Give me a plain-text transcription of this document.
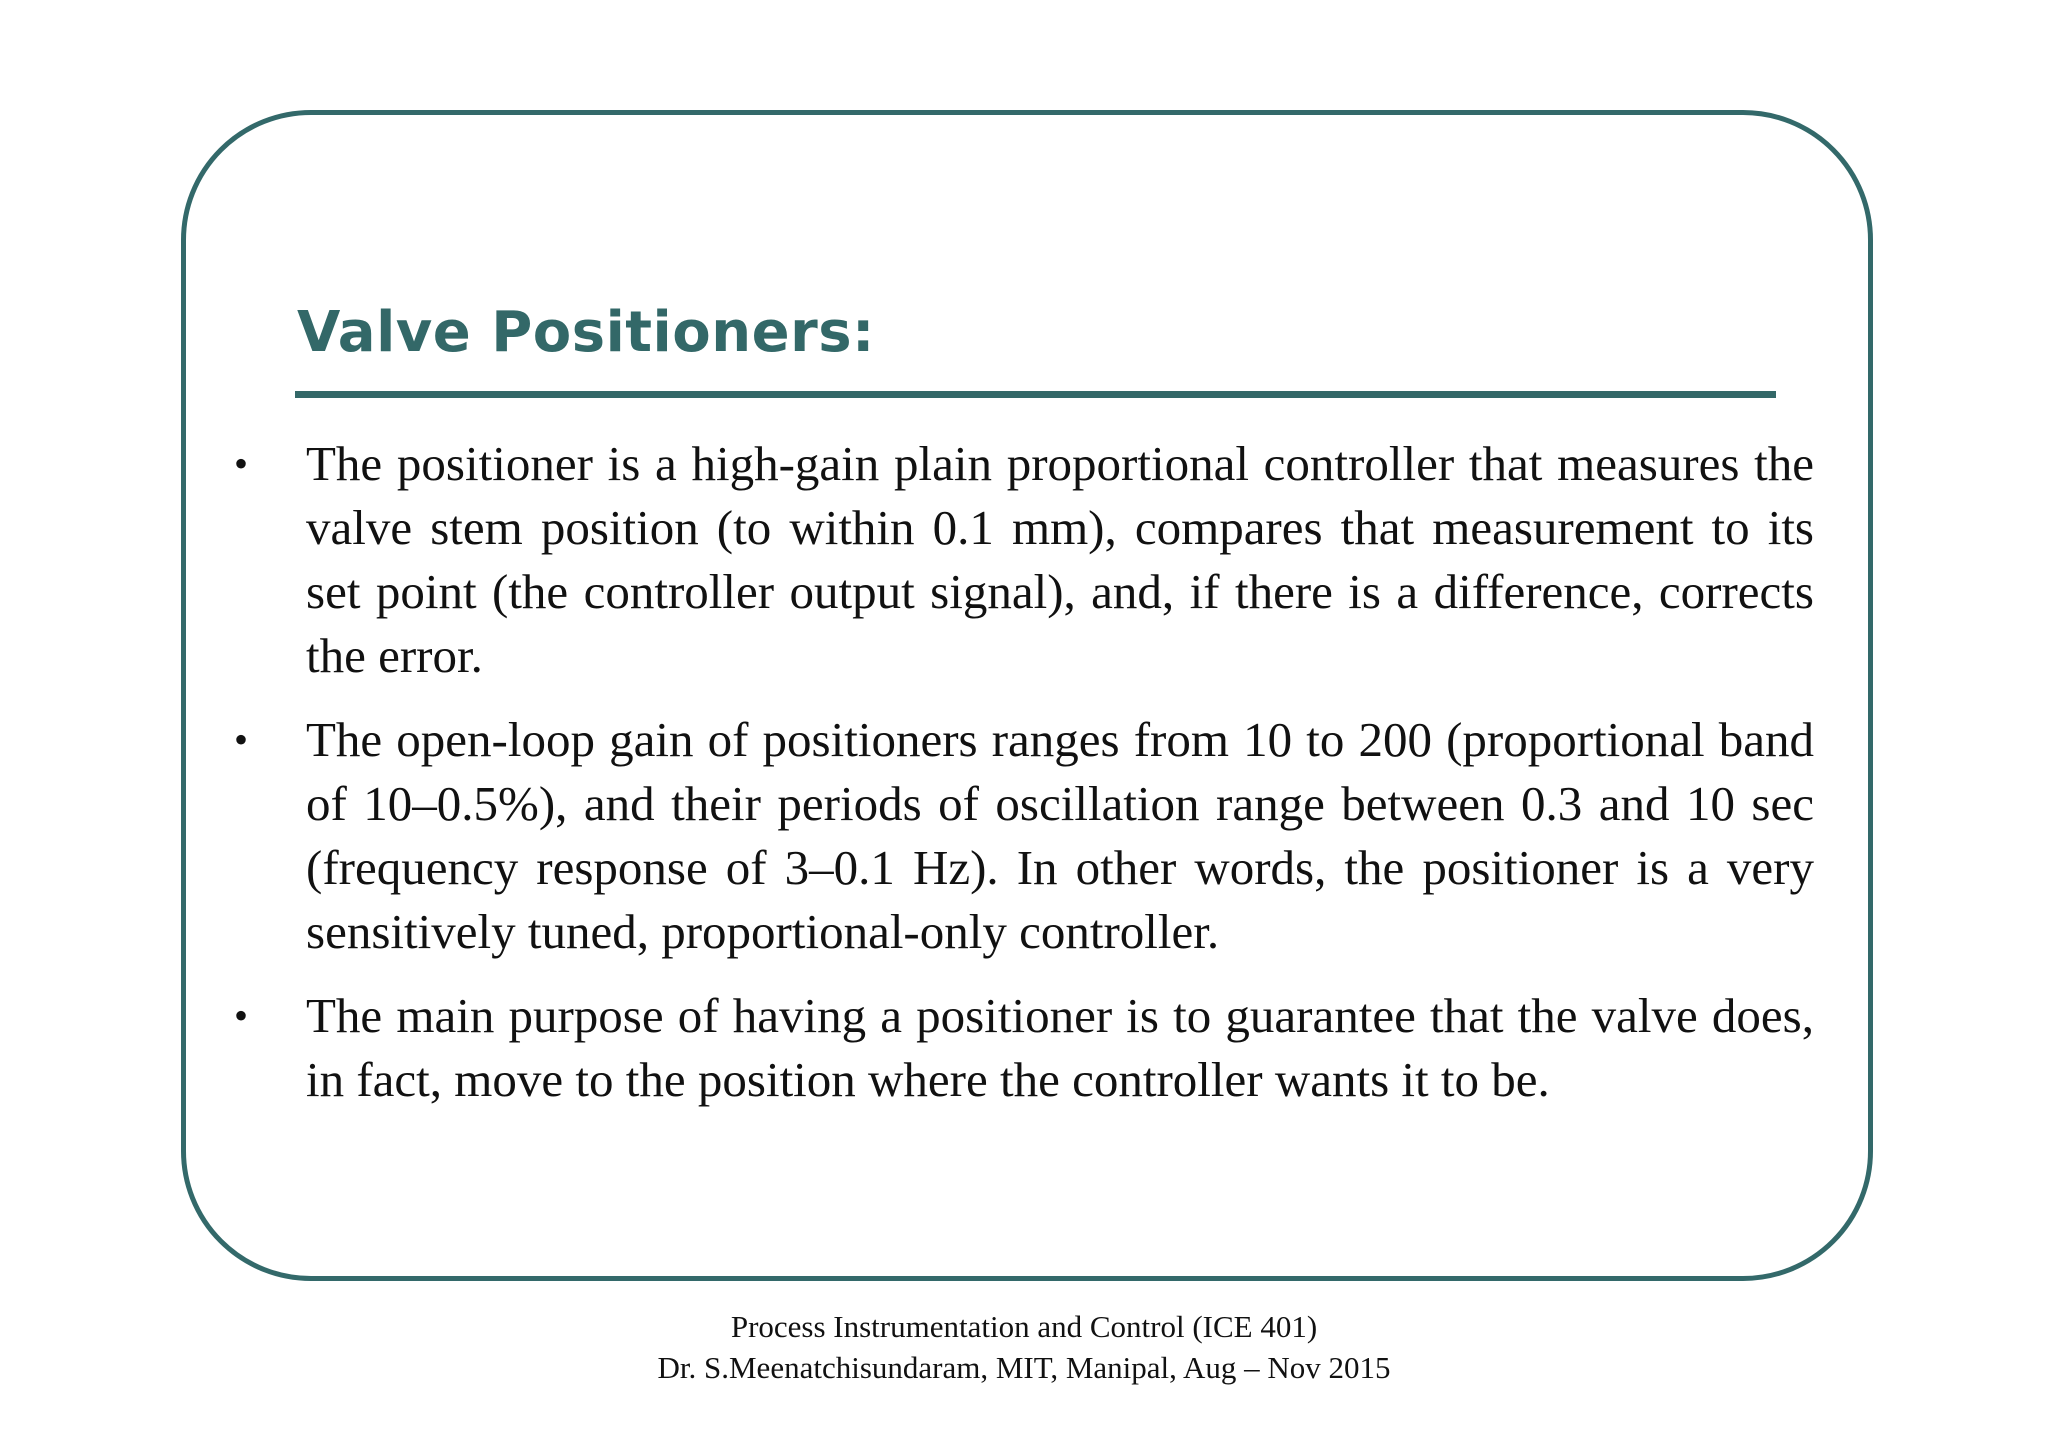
Valve Positioners:
•	The positioner is a high-gain plain proportional controller that measures the valve stem position (to within 0.1 mm), compares that measurement to its set point (the controller output signal), and, if there is a difference, corrects the error.
•	The open-loop gain of positioners ranges from 10 to 200 (proportional band of 10–0.5%), and their periods of oscillation range between 0.3 and 10 sec (frequency response of 3–0.1 Hz). In other words, the positioner is a very sensitively tuned, proportional-only controller.
•	The main purpose of having a positioner is to guarantee that the valve does, in fact, move to the position where the controller wants it to be.
Process Instrumentation and Control (ICE 401)
Dr. S.Meenatchisundaram, MIT, Manipal, Aug – Nov 2015
